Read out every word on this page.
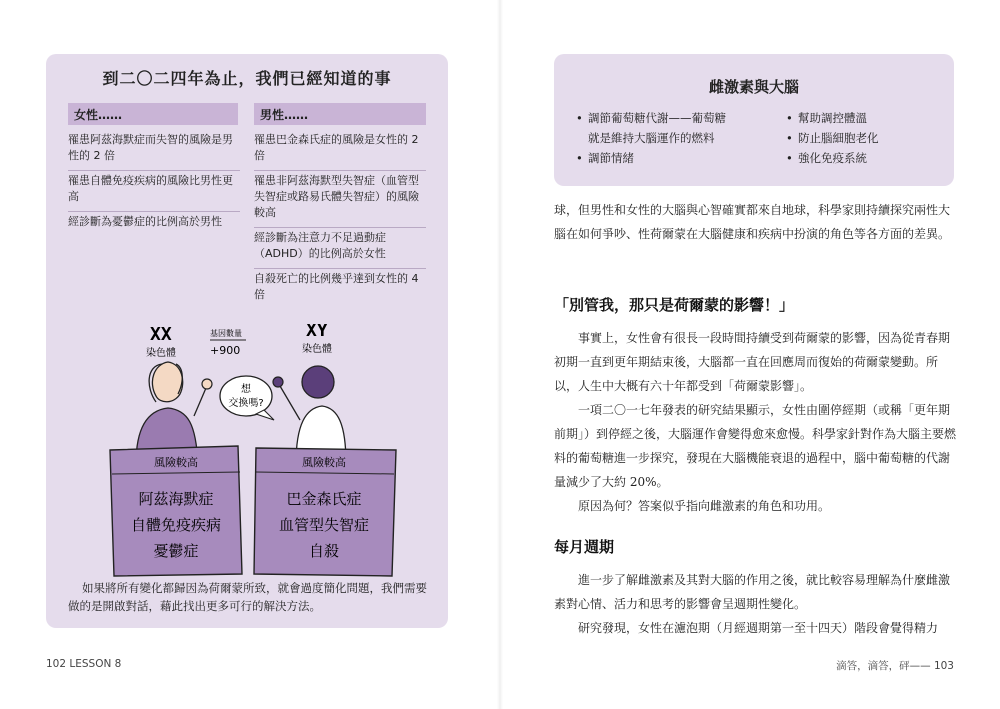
到二〇二四年為止，我們已經知道的事
女性……	男性……
罹患阿茲海默症而失智的風險是男性的 2 倍
罹患自體免疫疾病的風險比男性更高
經診斷為憂鬱症的比例高於男性
罹患巴金森氏症的風險是女性的 2 倍
罹患非阿茲海默型失智症（血管型失智症或路易氏體失智症）的風險較高
經診斷為注意力不足過動症（ADHD）的比例高於女性
自殺死亡的比例幾乎達到女性的 4 倍
XX
染色體
基因數量
+900
XY
染色體
想
交換嗎?
風險較高
阿茲海默症
自體免疫疾病
憂鬱症
風險較高
巴金森氏症
血管型失智症
自殺
如果將所有變化都歸因為荷爾蒙所致，就會過度簡化問題，我們需要做的是開啟對話，藉此找出更多可行的解決方法。
102 LESSON 8
雌激素與大腦
• 調節葡萄糖代謝——葡萄糖
就是維持大腦運作的燃料
• 調節情緒
• 幫助調控體溫
• 防止腦細胞老化
• 強化免疫系統
球，但男性和女性的大腦與心智確實都來自地球，科學家則持續探究兩性大腦在如何爭吵、性荷爾蒙在大腦健康和疾病中扮演的角色等各方面的差異。
「別管我，那只是荷爾蒙的影響！」
事實上，女性會有很長一段時間持續受到荷爾蒙的影響，因為從青春期初期一直到更年期結束後，大腦都一直在回應周而復始的荷爾蒙變動。所以，人生中大概有六十年都受到「荷爾蒙影響」。
一項二〇一七年發表的研究結果顯示，女性由圍停經期（或稱「更年期前期」）到停經之後，大腦運作會變得愈來愈慢。科學家針對作為大腦主要燃料的葡萄糖進一步探究，發現在大腦機能衰退的過程中，腦中葡萄糖的代謝量減少了大約 20%。
原因為何？答案似乎指向雌激素的角色和功用。
每月週期
進一步了解雌激素及其對大腦的作用之後，就比較容易理解為什麼雌激素對心情、活力和思考的影響會呈週期性變化。
研究發現，女性在濾泡期（月經週期第一至十四天）階段會覺得精力
滴答，滴答，砰—— 103
